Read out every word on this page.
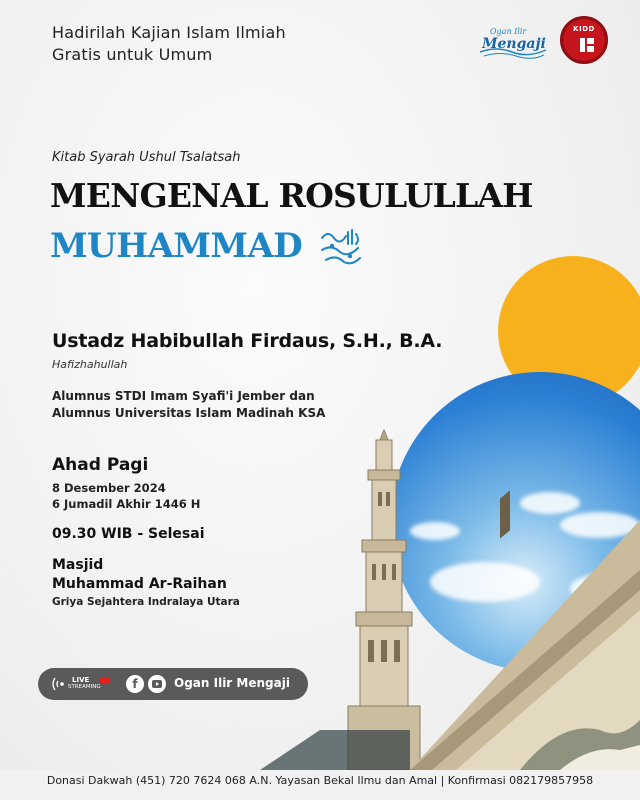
Hadirilah Kajian Islam Ilmiah
Gratis untuk Umum
Ogan Ilir
Mengaji
KIDD
Kitab Syarah Ushul Tsalatsah
MENGENAL ROSULULLAH
MUHAMMAD
Ustadz Habibullah Firdaus, S.H., B.A.
Hafizhahullah
Alumnus STDI Imam Syafi'i Jember dan
Alumnus Universitas Islam Madinah KSA
Ahad Pagi
8 Desember 2024
6 Jumadil Akhir 1446 H
09.30 WIB - Selesai
Masjid
Muhammad Ar-Raihan
Griya Sejahtera Indralaya Utara
LIVE
STREAMING	f	Ogan Ilir Mengaji
Donasi Dakwah (451) 720 7624 068 A.N. Yayasan Bekal Ilmu dan Amal | Konfirmasi 082179857958
